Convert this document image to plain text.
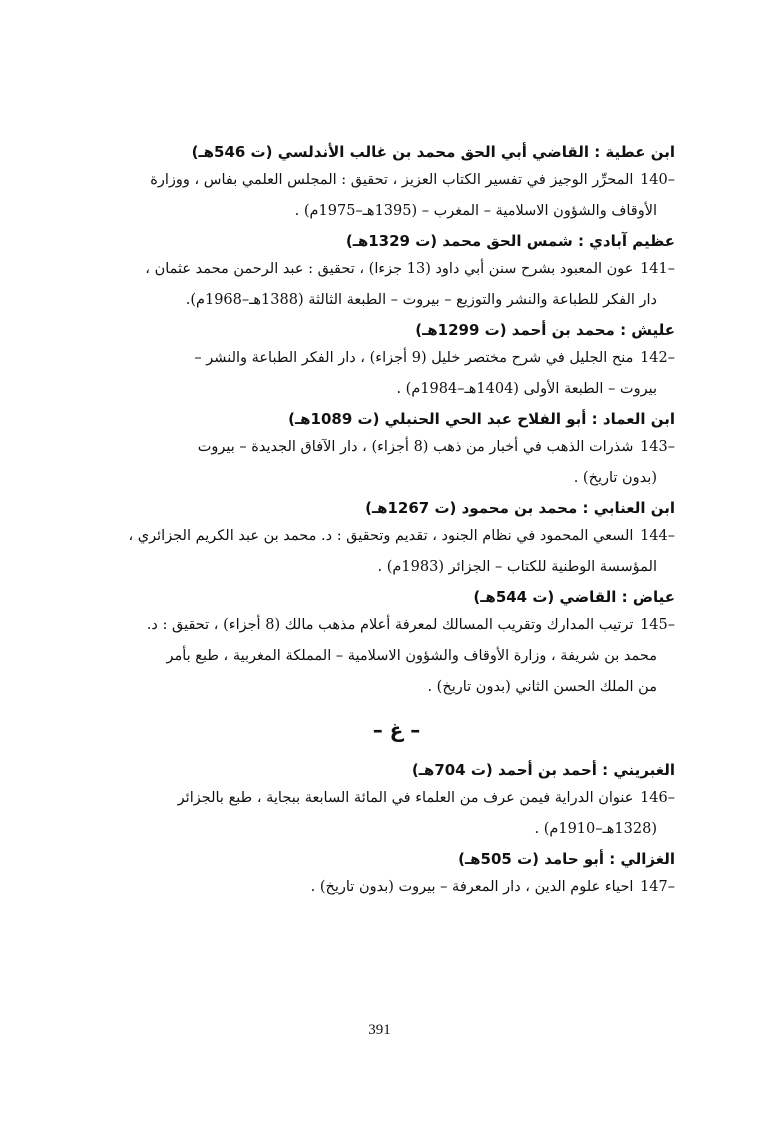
ابن عطية : القاضي أبي الحق محمد بن غالب الأندلسي (ت 546هـ)

140– المحرِّر الوجيز في تفسير الكتاب العزيز ، تحقيق : المجلس العلمي بفاس ، ووزارة
الأوقاف والشؤون الاسلامية – المغرب – (1395هـ–1975م) .

عظيم آبادي : شمس الحق محمد (ت 1329هـ)

141– عون المعبود بشرح سنن أبي داود (13 جزءا) ، تحقيق : عبد الرحمن محمد عثمان ،
دار الفكر للطباعة والنشر والتوزيع – بيروت – الطبعة الثالثة (1388هـ–1968م).

عليش : محمد بن أحمد (ت 1299هـ)

142– منح الجليل في شرح مختصر خليل (9 أجزاء) ، دار الفكر الطباعة والنشر –
بيروت – الطبعة الأولى (1404هـ–1984م) .

ابن العماد : أبو الفلاح عبد الحي الحنبلي (ت 1089هـ)

143– شذرات الذهب في أخبار من ذهب (8 أجزاء) ، دار الآفاق الجديدة – بيروت
(بدون تاريخ) .

ابن العنابي : محمد بن محمود (ت 1267هـ)

144– السعي المحمود في نظام الجنود ، تقديم وتحقيق : د. محمد بن عبد الكريم الجزائري ،
المؤسسة الوطنية للكتاب – الجزائر (1983م) .

عياض : القاضي (ت 544هـ)

145– ترتيب المدارك وتقريب المسالك لمعرفة أعلام مذهب مالك (8 أجزاء) ، تحقيق : د.
محمد بن شريفة ، وزارة الأوقاف والشؤون الاسلامية – المملكة المغربية ، طبع بأمر
من الملك الحسن الثاني (بدون تاريخ) .

– غ –
الغبريني : أحمد بن أحمد (ت 704هـ)

146– عنوان الدراية فيمن عرف من العلماء في المائة السابعة ببجاية ، طبع بالجزائر
(1328هـ–1910م) .

الغزالي : أبو حامد (ت 505هـ)

147– احياء علوم الدين ، دار المعرفة – بيروت (بدون تاريخ) .

391
